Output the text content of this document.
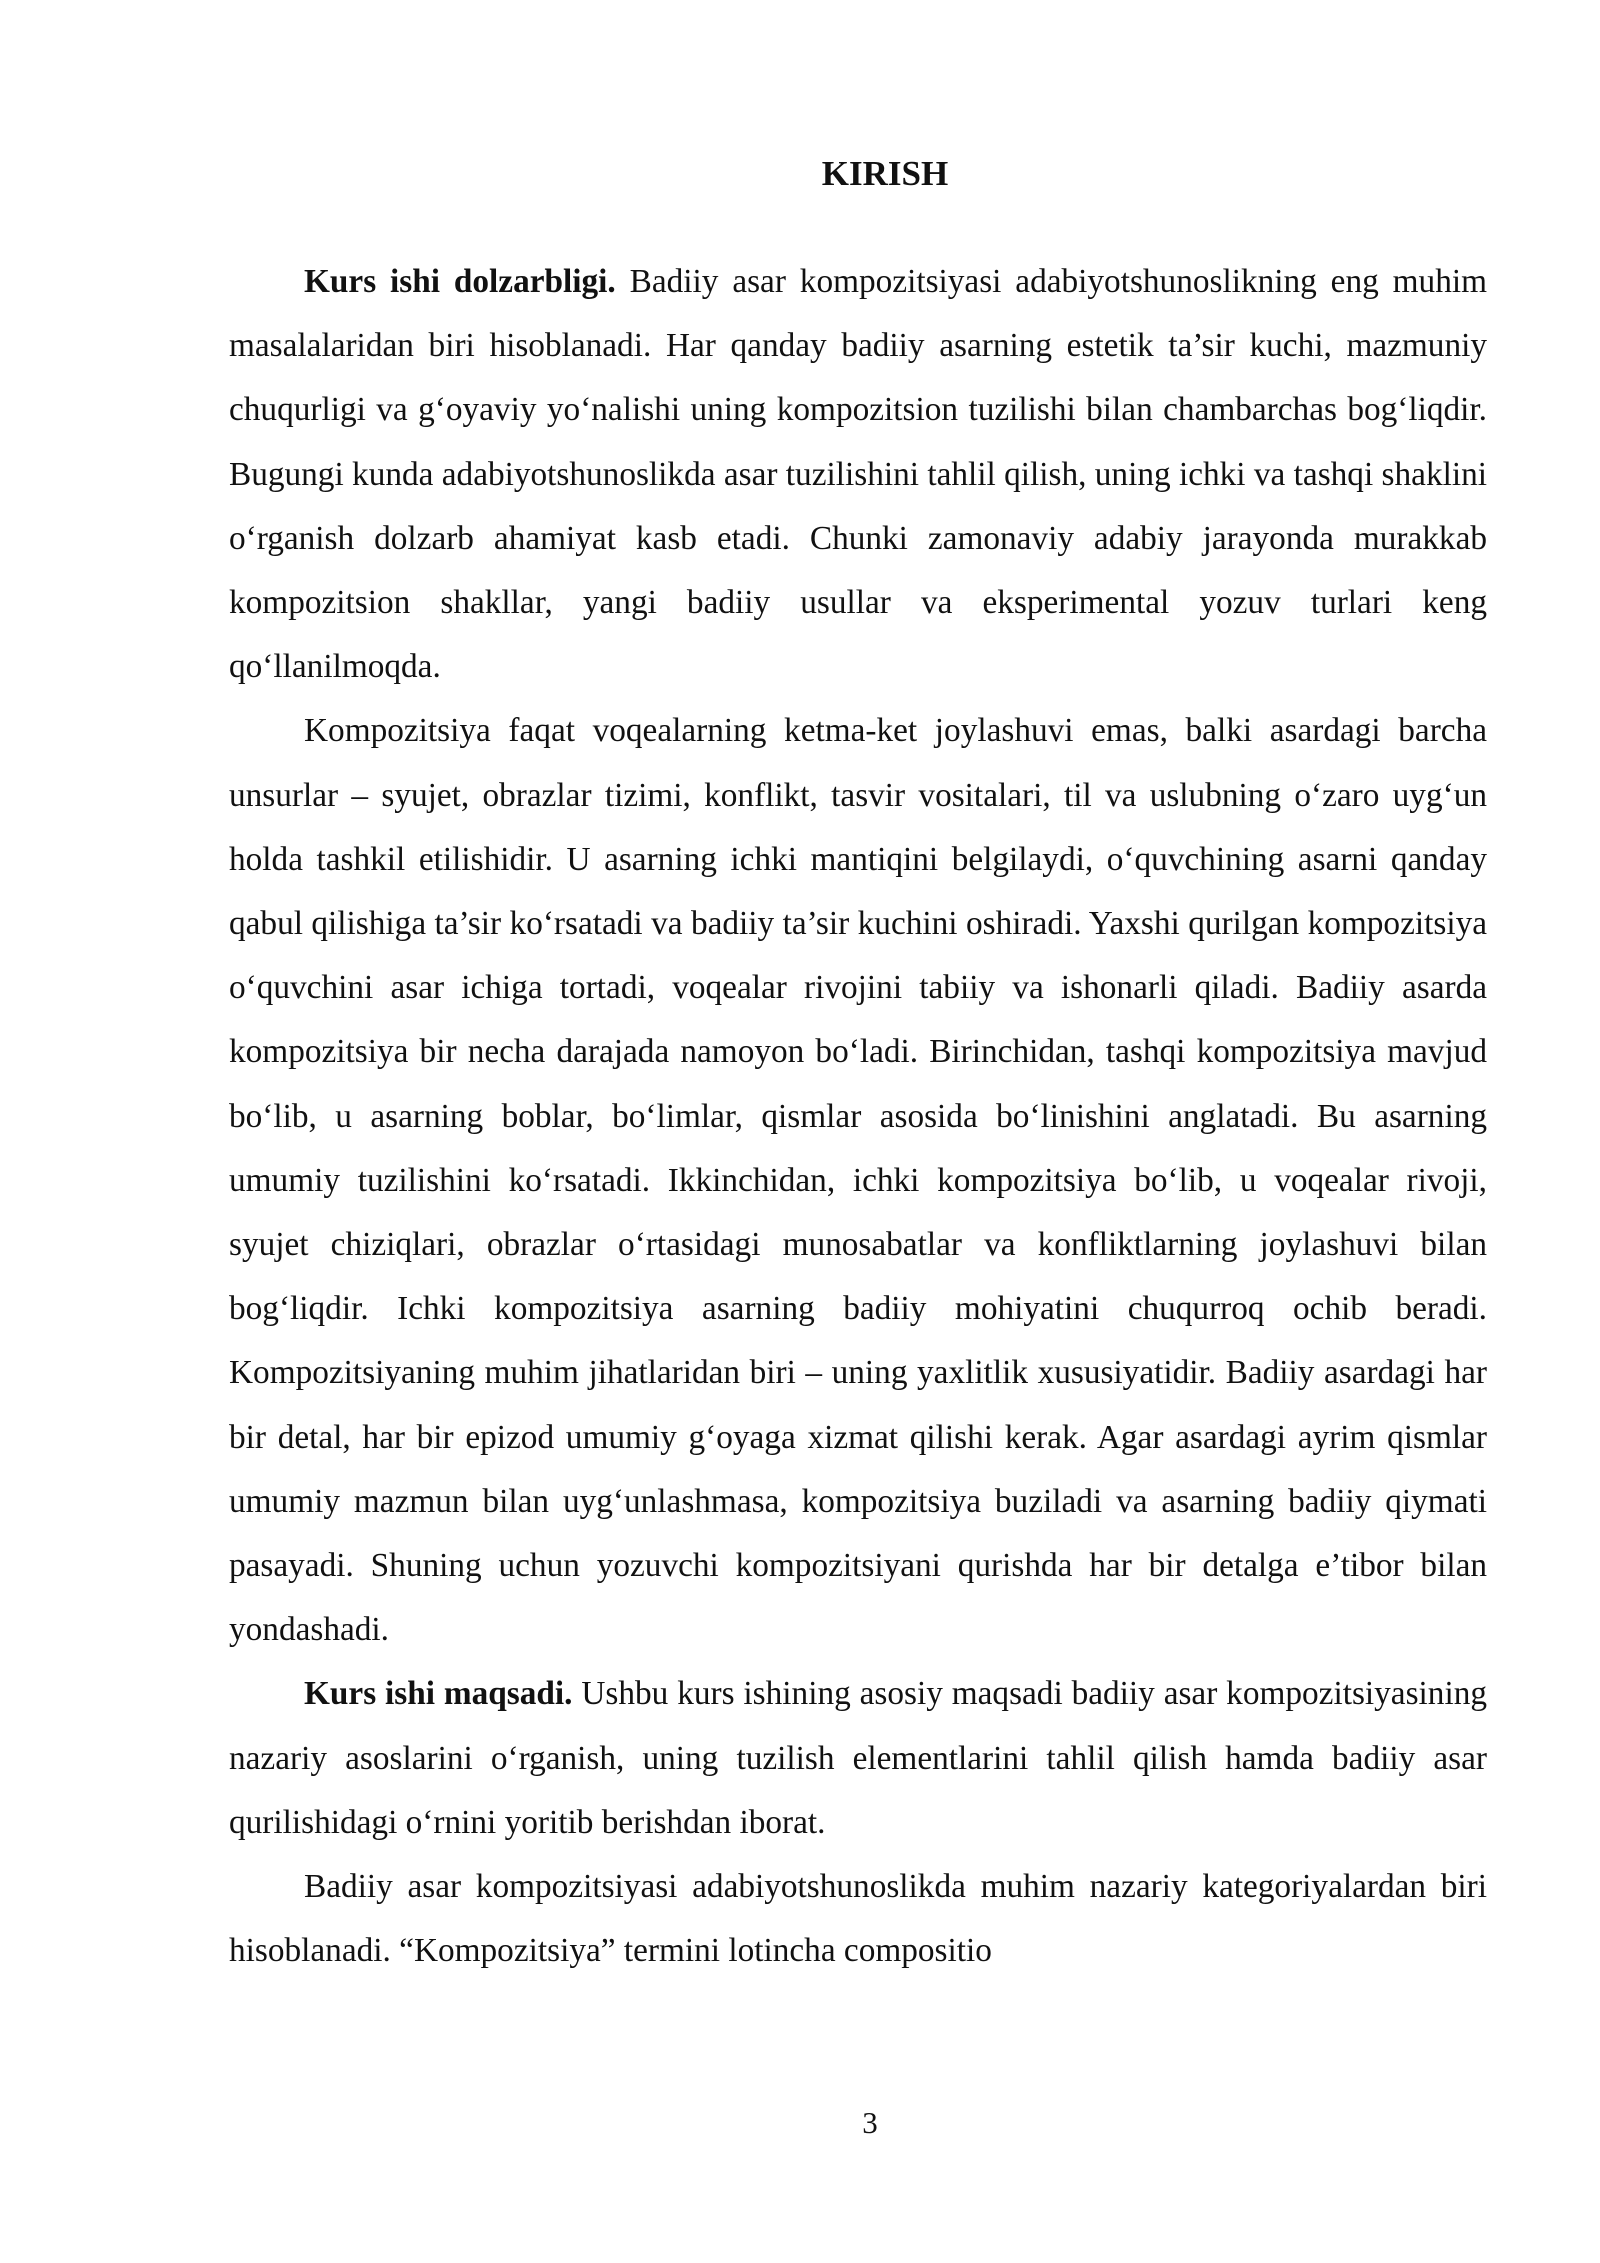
KIRISH

Kurs ishi dolzarbligi. Badiiy asar kompozitsiyasi adabiyotshunoslikning eng muhim masalalaridan biri hisoblanadi. Har qanday badiiy asarning estetik ta’sir kuchi, mazmuniy chuqurligi va g‘oyaviy yo‘nalishi uning kompozitsion tuzilishi bilan chambarchas bog‘liqdir. Bugungi kunda adabiyotshunoslikda asar tuzilishini tahlil qilish, uning ichki va tashqi shaklini o‘rganish dolzarb ahamiyat kasb etadi. Chunki zamonaviy adabiy jarayonda murakkab kompozitsion shakllar, yangi badiiy usullar va eksperimental yozuv turlari keng qo‘llanilmoqda.

Kompozitsiya faqat voqealarning ketma-ket joylashuvi emas, balki asardagi barcha unsurlar – syujet, obrazlar tizimi, konflikt, tasvir vositalari, til va uslubning o‘zaro uyg‘un holda tashkil etilishidir. U asarning ichki mantiqini belgilaydi, o‘quvchining asarni qanday qabul qilishiga ta’sir ko‘rsatadi va badiiy ta’sir kuchini oshiradi. Yaxshi qurilgan kompozitsiya o‘quvchini asar ichiga tortadi, voqealar rivojini tabiiy va ishonarli qiladi. Badiiy asarda kompozitsiya bir necha darajada namoyon bo‘ladi. Birinchidan, tashqi kompozitsiya mavjud bo‘lib, u asarning boblar, bo‘limlar, qismlar asosida bo‘linishini anglatadi. Bu asarning umumiy tuzilishini ko‘rsatadi. Ikkinchidan, ichki kompozitsiya bo‘lib, u voqealar rivoji, syujet chiziqlari, obrazlar o‘rtasidagi munosabatlar va konfliktlarning joylashuvi bilan bog‘liqdir. Ichki kompozitsiya asarning badiiy mohiyatini chuqurroq ochib beradi. Kompozitsiyaning muhim jihatlaridan biri – uning yaxlitlik xususiyatidir. Badiiy asardagi har bir detal, har bir epizod umumiy g‘oyaga xizmat qilishi kerak. Agar asardagi ayrim qismlar umumiy mazmun bilan uyg‘unlashmasa, kompozitsiya buziladi va asarning badiiy qiymati pasayadi. Shuning uchun yozuvchi kompozitsiyani qurishda har bir detalga e’tibor bilan yondashadi.

Kurs ishi maqsadi. Ushbu kurs ishining asosiy maqsadi badiiy asar kompozitsiyasining nazariy asoslarini o‘rganish, uning tuzilish elementlarini tahlil qilish hamda badiiy asar qurilishidagi o‘rnini yoritib berishdan iborat.

Badiiy asar kompozitsiyasi adabiyotshunoslikda muhim nazariy kategoriyalardan biri hisoblanadi. “Kompozitsiya” termini lotincha compositio

3
